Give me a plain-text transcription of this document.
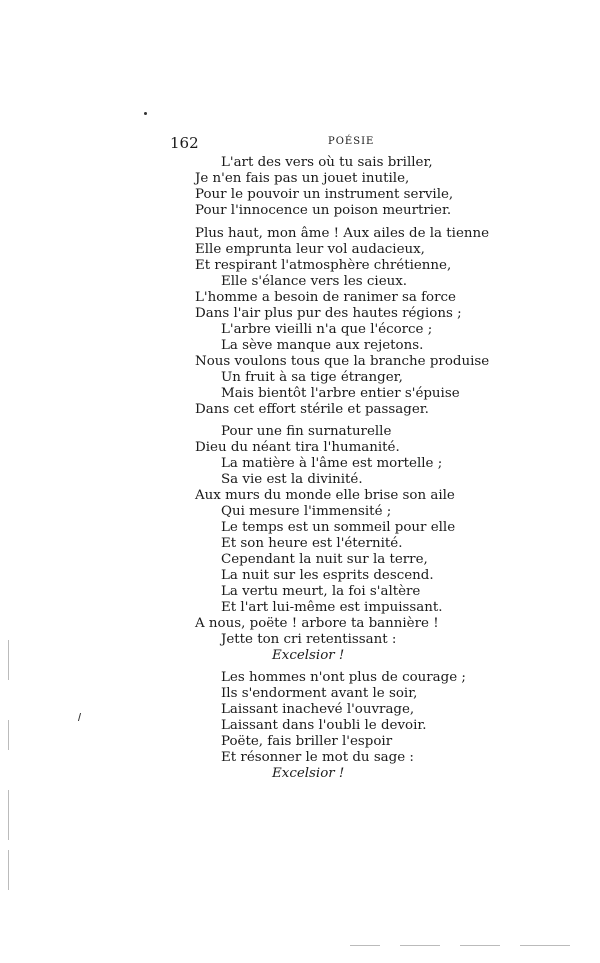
162	POÉSIE
L'art des vers où tu sais briller,
Je n'en fais pas un jouet inutile,
Pour le pouvoir un instrument servile,
Pour l'innocence un poison meurtrier.
Plus haut, mon âme ! Aux ailes de la tienne
Elle emprunta leur vol audacieux,
Et respirant l'atmosphère chrétienne,
Elle s'élance vers les cieux.
L'homme a besoin de ranimer sa force
Dans l'air plus pur des hautes régions ;
L'arbre vieilli n'a que l'écorce ;
La sève manque aux rejetons.
Nous voulons tous que la branche produise
Un fruit à sa tige étranger,
Mais bientôt l'arbre entier s'épuise
Dans cet effort stérile et passager.
Pour une fin surnaturelle
Dieu du néant tira l'humanité.
La matière à l'âme est mortelle ;
Sa vie est la divinité.
Aux murs du monde elle brise son aile
Qui mesure l'immensité ;
Le temps est un sommeil pour elle
Et son heure est l'éternité.
Cependant la nuit sur la terre,
La nuit sur les esprits descend.
La vertu meurt, la foi s'altère
Et l'art lui-même est impuissant.
A nous, poëte ! arbore ta bannière !
Jette ton cri retentissant :
Excelsior !
Les hommes n'ont plus de courage ;
Ils s'endorment avant le soir,
Laissant inachevé l'ouvrage,
Laissant dans l'oubli le devoir.
Poëte, fais briller l'espoir
Et résonner le mot du sage :
Excelsior !
